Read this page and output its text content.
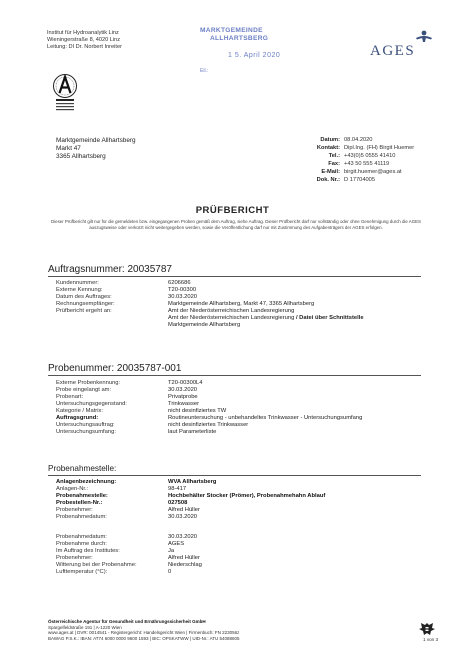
Institut für Hydroanalytik Linz
Wieningerstraße 8, 4020 Linz
Leitung: DI Dr. Norbert Inreiter
MARKTGEMEINDE
ALLHARTSBERG
1 5. April 2020
Eil.:
AGES
Marktgemeinde Allhartsberg
Markt 47
3365 Allhartsberg
Datum: 08.04.2020
Kontakt: Dipl.Ing. (FH) Birgit Huemer
Tel.: +43(0)5 0555 41410
Fax: +43 50 555 41119
E-Mail: birgit.huemer@ages.at
Dok. Nr.: D 17704005
PRÜFBERICHT
Dieser Prüfbericht gilt nur für die gemeldeten bzw. eingegangenen Proben gemäß dem Auftrag, siehe Auftrag. Dieser Prüfbericht darf nur vollständig oder ohne Genehmigung durch die AGES auszugsweise oder verkürzt nicht weitergegeben werden, sowie die Veröffentlichung darf nur mit Zustimmung des Aufgabenträgers der AGES erfolgen.
Auftragsnummer: 20035787
Kundennummer:	6206686
Externe Kennung:	T20-00300
Datum des Auftrages:	30.03.2020
Rechnungsempfänger:	Marktgemeinde Allhartsberg, Markt 47, 3365 Allhartsberg
Prüfbericht ergeht an:	Amt der Niederösterreichischen Landesregierung
Amt der Niederösterreichischen Landesregierung / Datei über Schnittstelle
Marktgemeinde Allhartsberg
Probenummer: 20035787-001
Externe Probenkennung:	T20-00300L4
Probe eingelangt am:	30.03.2020
Probenart:	Privatprobe
Untersuchungsgegenstand:	Trinkwasser
Kategorie / Matrix:	nicht desinfiziertes TW
Auftragsgrund:	Routineuntersuchung - unbehandeltes Trinkwasser - Untersuchungsumfang
Untersuchungsauftrag:	nicht desinfiziertes Trinkwasser
Untersuchungsumfang:	laut Parameterliste
Probenahmestelle:
Anlagenbezeichnung:	WVA Allhartsberg
Anlagen-Nr.:	98-417
Probenahmestelle:	Hochbehälter Stocker (Prömer), Probenahmehahn Ablauf
Probestellen-Nr.:	027508
Probenehmer:	Alfred Hüller
Probenahmedatum:	30.03.2020
Probenahmedatum:	30.03.2020
Probenahme durch:	AGES
Im Auftrag des Institutes:	Ja
Probenehmer:	Alfred Hüller
Witterung bei der Probenahme:	Niederschlag
Lufttemperatur (°C):	0
Österreichische Agentur für Gesundheit und Ernährungssicherheit GmbH
Spargelfeldstraße 191 | A-1220 Wien
www.ages.at | DVR: 0014541 - Registergericht: Handelsgericht Wien | Firmenbuch: FN 223056z
BAWAG P.S.K.: IBAN: AT74 6000 0000 9600 1593 | BIC: OPSKATWW | UID-Nr.: ATU 54088605	1 von 3
